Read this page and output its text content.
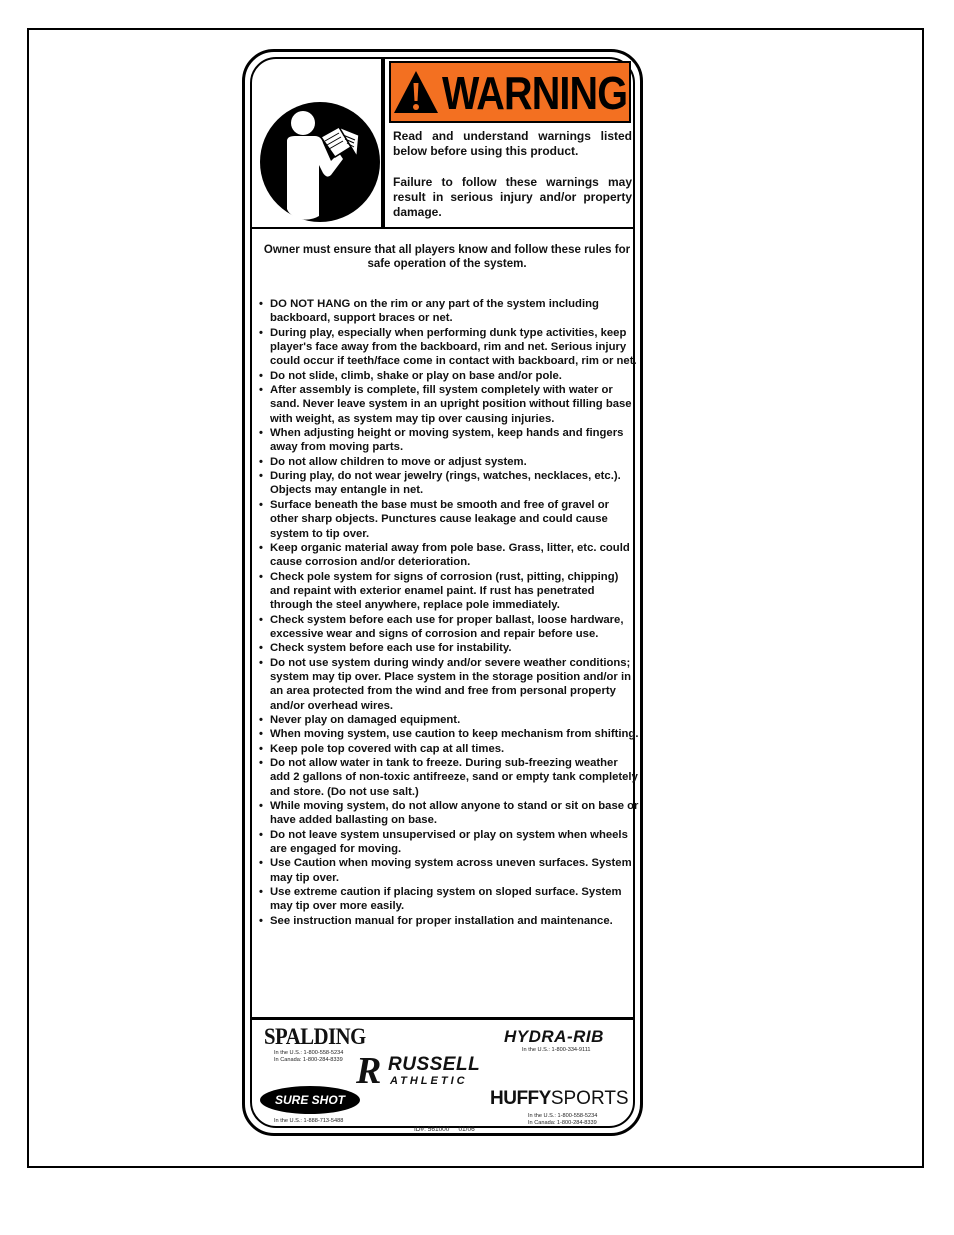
WARNING

Read and understand warnings listed below before using this product.

Failure to follow these warnings may result in serious injury and/or property damage.

Owner must ensure that all players know and follow these rules for safe operation of the system.
• DO NOT HANG on the rim or any part of the system including backboard, support braces or net.
• During play, especially when performing dunk type activities, keep player's face away from the backboard, rim and net. Serious injury could occur if teeth/face come in contact with backboard, rim or net.
• Do not slide, climb, shake or play on base and/or pole.
• After assembly is complete, fill system completely with water or sand. Never leave system in an upright position without filling base with weight, as system may tip over causing injuries.
• When adjusting height or moving system, keep hands and fingers away from moving parts.
• Do not allow children to move or adjust system.
• During play, do not wear jewelry (rings, watches, necklaces, etc.). Objects may entangle in net.
• Surface beneath the base must be smooth and free of gravel or other sharp objects. Punctures cause leakage and could cause system to tip over.
• Keep organic material away from pole base. Grass, litter, etc. could cause corrosion and/or deterioration.
• Check pole system for signs of corrosion (rust, pitting, chipping) and repaint with exterior enamel paint. If rust has penetrated through the steel anywhere, replace pole immediately.
• Check system before each use for proper ballast, loose hardware, excessive wear and signs of corrosion and repair before use.
• Check system before each use for instability.
• Do not use system during windy and/or severe weather conditions; system may tip over. Place system in the storage position and/or in an area protected from the wind and free from personal property and/or overhead wires.
• Never play on damaged equipment.
• When moving system, use caution to keep mechanism from shifting.
• Keep pole top covered with cap at all times.
• Do not allow water in tank to freeze. During sub-freezing weather add 2 gallons of non-toxic antifreeze, sand or empty tank completely and store. (Do not use salt.)
• While moving system, do not allow anyone to stand or sit on base or have added ballasting on base.
• Do not leave system unsupervised or play on system when wheels are engaged for moving.
• Use Caution when moving system across uneven surfaces. System may tip over.
• Use extreme caution if placing system on sloped surface. System may tip over more easily.
• See instruction manual for proper installation and maintenance.
SPALDING
In the U.S.: 1-800-558-5234
In Canada: 1-800-284-8339
HYDRA-RIB
In the U.S.: 1-800-334-9111
R RUSSELL
ATHLETIC
SURE SHOT
In the U.S.: 1-888-713-5488
HUFFYSPORTS
In the U.S.: 1-800-558-5234
In Canada: 1-800-284-8339
ID#: 561000     01/06
